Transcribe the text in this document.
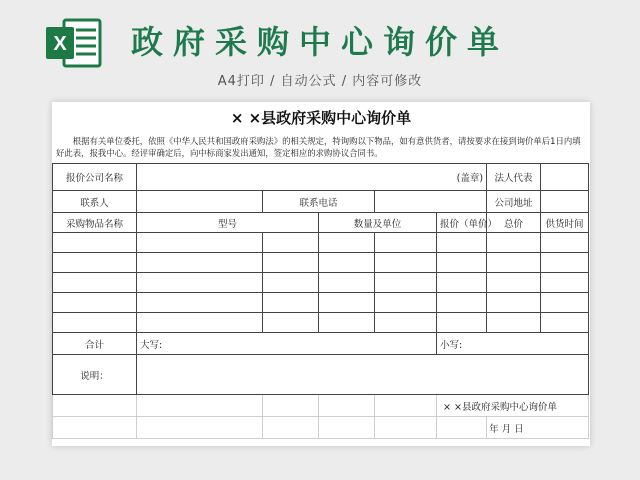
X	政府采购中心询价单
A4打印 / 自动公式 / 内容可修改
× ×县政府采购中心询价单
根据有关单位委托，依照《中华人民共和国政府采购法》的相关规定，特询购以下物品，如有意供货者，请按要求在接到询价单后1日内填好此表，报我中心。经评审确定后，向中标商家发出通知，签定相应的求购协议合同书。
报价公司名称	(盖章)					法人代表	
联系人		联系电话				公司地址	
采购物品名称	型号		数量及单位		报价（单价）	总价	供货时间

合计	大写:				小写:		
说明：							
					× ×县政府采购中心询价单		
						年 月 日	
